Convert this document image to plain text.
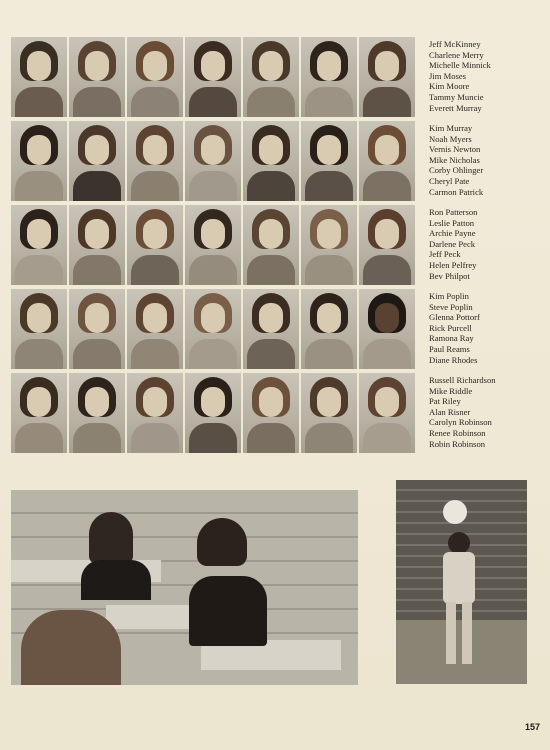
Jeff McKinney
Charlene Merry
Michelle Minnick
Jim Moses
Kim Moore
Tammy Muncie
Everett Murray
Kim Murray
Noah Myers
Vernis Newton
Mike Nicholas
Corby Ohlinger
Cheryl Pate
Carmon Patrick
Ron Patterson
Leslie Patton
Archie Payne
Darlene Peck
Jeff Peck
Helen Pelfrey
Bev Philpot
Kim Poplin
Steve Poplin
Glenna Pottorf
Rick Purcell
Ramona Ray
Paul Reams
Diane Rhodes
Russell Richardson
Mike Riddle
Pat Riley
Alan Risner
Carolyn Robinson
Renee Robinson
Robin Robinson
157
